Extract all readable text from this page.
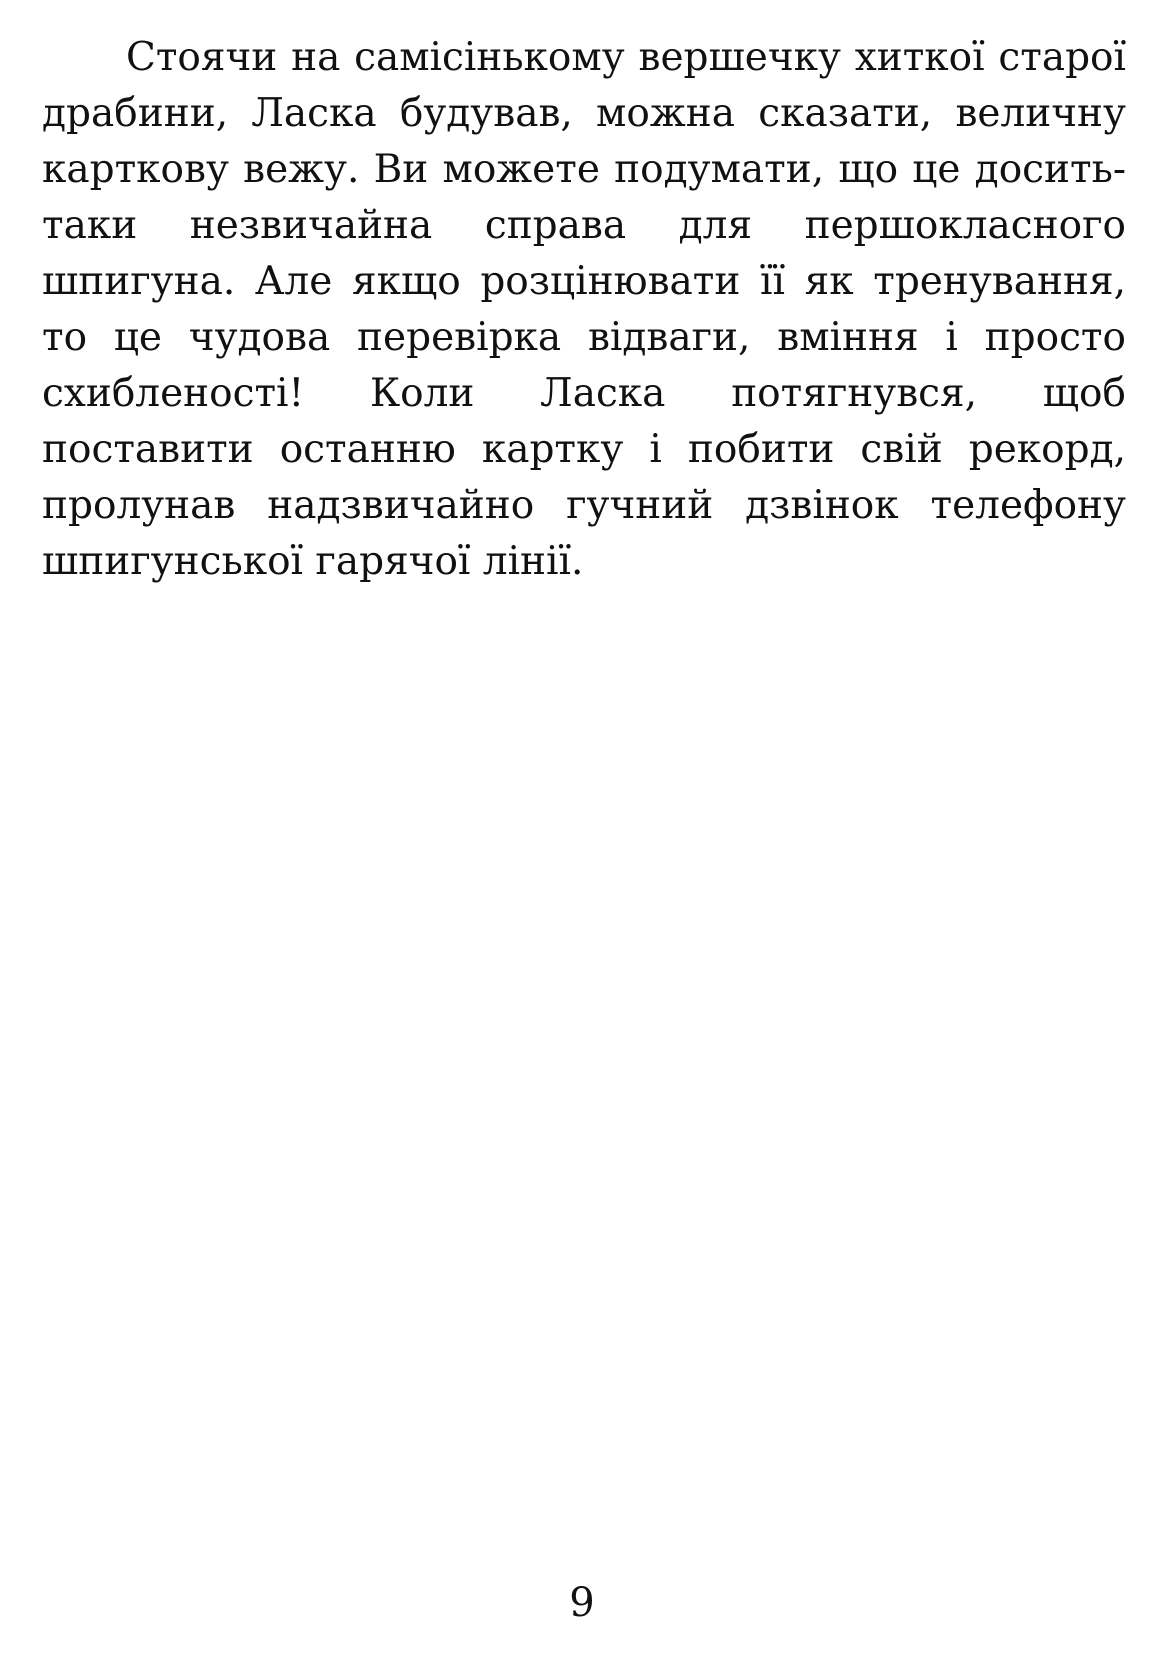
Стоячи на самісінькому вершечку хиткої старої драбини, Ласка будував, можна сказати, величну карткову вежу. Ви можете подумати, що це досить-таки незвичайна справа для першокласного шпигуна. Але якщо розцінювати її як тренування, то це чудова перевірка відваги, вміння і просто схибленості! Коли Ласка потягнувся, щоб поставити останню картку і побити свій рекорд, пролунав надзвичайно гучний дзвінок телефону шпигунської гарячої лінії.

9
